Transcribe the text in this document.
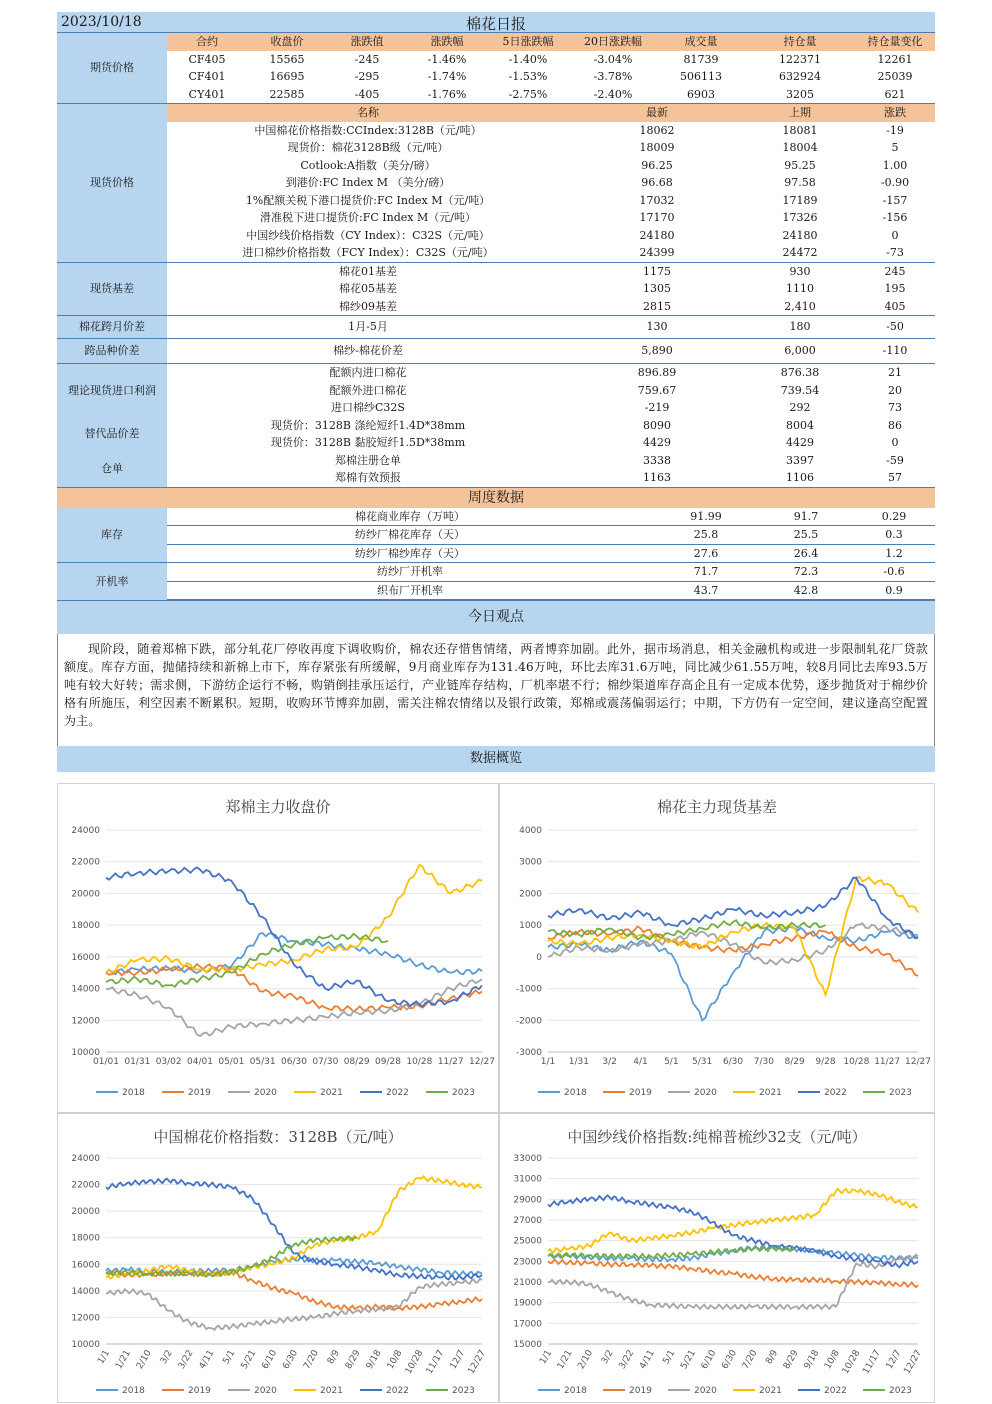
2023/10/18	棉花日报
期货价格	合约	收盘价	涨跌值	涨跌幅	5日涨跌幅	20日涨跌幅	成交量	持仓量	持仓量变化
	CF405	15565	-245	-1.46%	-1.40%	-3.04%	81739	122371	12261
	CF401	16695	-295	-1.74%	-1.53%	-3.78%	506113	632924	25039
	CY401	22585	-405	-1.76%	-2.75%	-2.40%	6903	3205	621
现货价格	名称					最新		上期	涨跌
	中国棉花价格指数:CCIndex:3128B（元/吨）					18062		18081	-19
	现货价：棉花3128B级（元/吨）					18009		18004	5
	Cotlook:A指数（美分/磅）					96.25		95.25	1.00
	到港价:FC Index M （美分/磅）					96.68		97.58	-0.90
	1%配额关税下港口提货价:FC Index M（元/吨）					17032		17189	-157
	滑准税下进口提货价:FC Index M（元/吨）					17170		17326	-156
	中国纱线价格指数（CY Index）：C32S（元/吨）					24180		24180	0
	进口棉纱价格指数（FCY Index）：C32S（元/吨）					24399		24472	-73
现货基差	棉花01基差					1175		930	245
	棉花05基差					1305		1110	195
	棉纱09基差					2815		2,410	405
棉花跨月价差	1月-5月					130		180	-50
跨品种价差	棉纱-棉花价差					5,890		6,000	-110
理论现货进口利润	配额内进口棉花					896.89		876.38	21
	配额外进口棉花					759.67		739.54	20
	进口棉纱C32S					-219		292	73
替代品价差	现货价：3128B 涤纶短纤1.4D*38mm					8090		8004	86
	现货价：3128B 黏胶短纤1.5D*38mm					4429		4429	0
仓单	郑棉注册仓单					3338		3397	-59
	郑棉有效预报					1163		1106	57
周度数据
库存	棉花商业库存（万吨）	91.99	91.7	0.29
	纺纱厂棉花库存（天）	25.8	25.5	0.3
	纺纱厂棉纱库存（天）	27.6	26.4	1.2
开机率	纺纱厂开机率	71.7	72.3	-0.6
	织布厂开机率	43.7	42.8	0.9
今日观点
现阶段，随着郑棉下跌，部分轧花厂停收再度下调收购价，棉农还存惜售情绪，两者博弈加剧。此外，据市场消息，相关金融机构或进一步限制轧花厂贷款额度。库存方面，抛储持续和新棉上市下，库存紧张有所缓解，9月商业库存为131.46万吨，环比去库31.6万吨，同比减少61.55万吨，较8月同比去库93.5万吨有较大好转；需求侧，下游纺企运行不畅，购销倒挂承压运行，产业链库存结构，厂机率堪不行；棉纱渠道库存高企且有一定成本优势，逐步抛货对于棉纱价格有所施压，利空因素不断累积。短期，收购环节博弈加剧，需关注棉农情绪以及银行政策，郑棉或震荡偏弱运行；中期，下方仍有一定空间，建议逢高空配置为主。
数据概览
郑棉主力收盘价
10000
12000
14000
16000
18000
20000
22000
24000
01/01 01/31 03/02 04/01 05/01 05/31 06/30 07/30 08/29 09/28 10/28 11/27 12/27
2018	2019	2020	2021	2022	2023
棉花主力现货基差
-3000
-2000
-1000
0
1000
2000
3000
4000
1/1 1/31 3/2 4/1 5/1 5/31 6/30 7/30 8/29 9/28 10/28 11/27 12/27
2018	2019	2020	2021	2022	2023
中国棉花价格指数：3128B（元/吨）
10000
12000
14000
16000
18000
20000
22000
24000
1/1 1/21 2/10 3/2 3/22 4/11 5/1 5/21 6/10 6/30 7/20 8/9 8/29 9/18 10/8 10/28 11/17 12/7 12/27
2018	2019	2020	2021	2022	2023
中国纱线价格指数:纯棉普梳纱32支（元/吨）
15000
17000
19000
21000
23000
25000
27000
29000
31000
33000
1/1 1/21 2/10 3/2 3/22 4/11 5/1 5/21 6/10 6/30 7/20 8/9 8/29 9/18 10/8
10/28
11/17 12/7
12/27
2018	2019	2020	2021	2022	2023
